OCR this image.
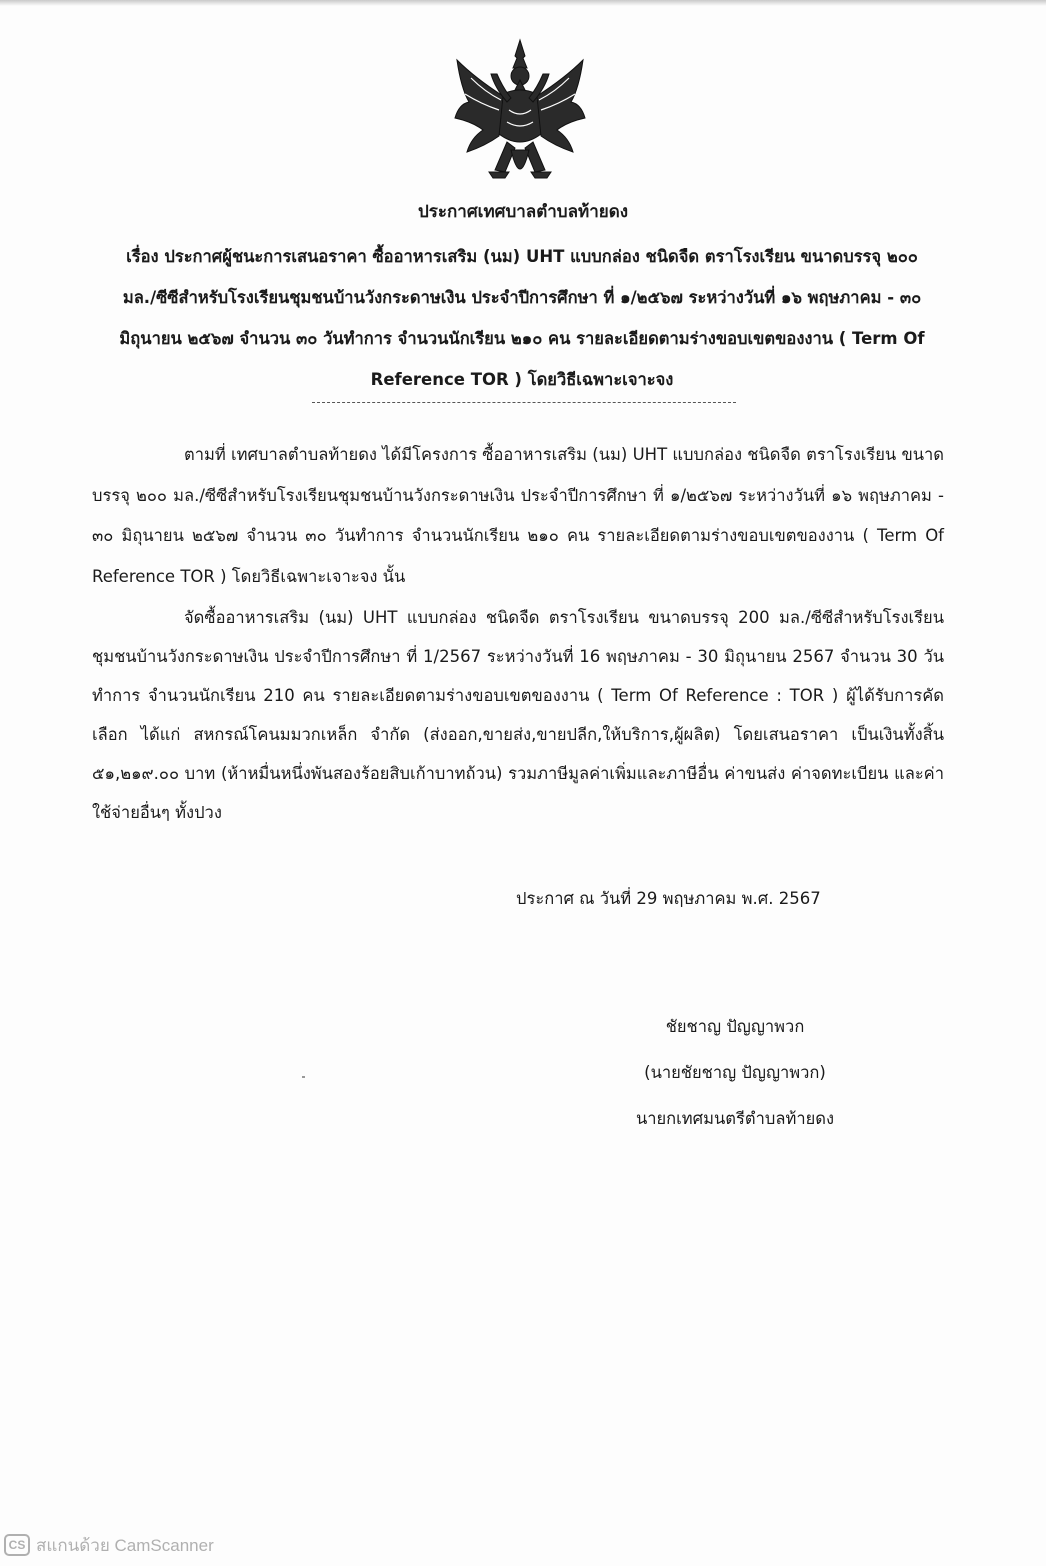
ประกาศเทศบาลตำบลท้ายดง
เรื่อง ประกาศผู้ชนะการเสนอราคา ซื้ออาหารเสริม (นม) UHT แบบกล่อง ชนิดจืด ตราโรงเรียน ขนาดบรรจุ ๒๐๐ มล./ซีซีสำหรับโรงเรียนชุมชนบ้านวังกระดาษเงิน ประจำปีการศึกษา ที่ ๑/๒๕๖๗ ระหว่างวันที่ ๑๖ พฤษภาคม - ๓๐ มิถุนายน ๒๕๖๗ จำนวน ๓๐ วันทำการ จำนวนนักเรียน ๒๑๐ คน รายละเอียดตามร่างขอบเขตของงาน ( Term Of Reference TOR ) โดยวิธีเฉพาะเจาะจง
ตามที่ เทศบาลตำบลท้ายดง ได้มีโครงการ ซื้ออาหารเสริม (นม) UHT แบบกล่อง ชนิดจืด ตราโรงเรียน ขนาดบรรจุ ๒๐๐ มล./ซีซีสำหรับโรงเรียนชุมชนบ้านวังกระดาษเงิน ประจำปีการศึกษา ที่ ๑/๒๕๖๗ ระหว่างวันที่ ๑๖ พฤษภาคม - ๓๐ มิถุนายน ๒๕๖๗ จำนวน ๓๐ วันทำการ จำนวนนักเรียน ๒๑๐ คน รายละเอียดตามร่างขอบเขตของงาน ( Term Of Reference TOR ) โดยวิธีเฉพาะเจาะจง นั้น
จัดซื้ออาหารเสริม (นม) UHT แบบกล่อง ชนิดจืด ตราโรงเรียน ขนาดบรรจุ 200 มล./ซีซีสำหรับโรงเรียนชุมชนบ้านวังกระดาษเงิน ประจำปีการศึกษา ที่ 1/2567 ระหว่างวันที่ 16 พฤษภาคม - 30 มิถุนายน 2567 จำนวน 30 วันทำการ จำนวนนักเรียน 210 คน รายละเอียดตามร่างขอบเขตของงาน ( Term Of Reference : TOR ) ผู้ได้รับการคัดเลือก ได้แก่ สหกรณ์โคนมมวกเหล็ก จำกัด (ส่งออก,ขายส่ง,ขายปลีก,ให้บริการ,ผู้ผลิต) โดยเสนอราคา เป็นเงินทั้งสิ้น ๕๑,๒๑๙.๐๐ บาท (ห้าหมื่นหนึ่งพันสองร้อยสิบเก้าบาทถ้วน) รวมภาษีมูลค่าเพิ่มและภาษีอื่น ค่าขนส่ง ค่าจดทะเบียน และค่าใช้จ่ายอื่นๆ ทั้งปวง
ประกาศ ณ วันที่ 29 พฤษภาคม พ.ศ. 2567
ชัยชาญ ปัญญาพวก
(นายชัยชาญ ปัญญาพวก)
นายกเทศมนตรีตำบลท้ายดง
CS สแกนด้วย CamScanner
